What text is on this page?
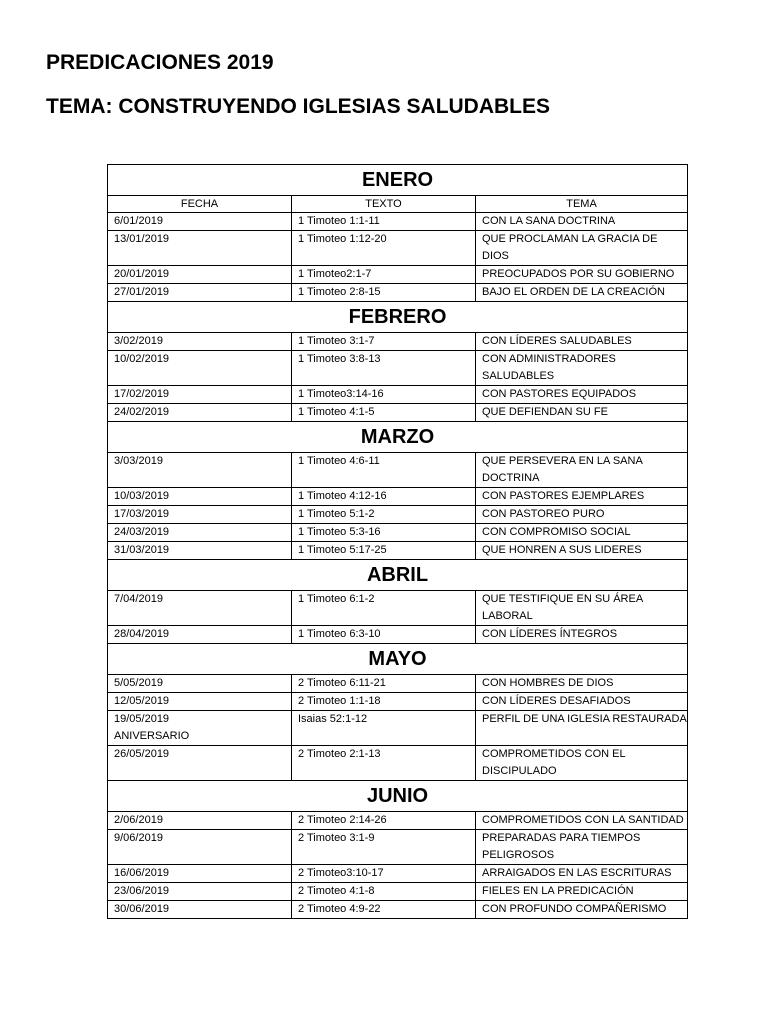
PREDICACIONES 2019
TEMA: CONSTRUYENDO IGLESIAS SALUDABLES
ENERO		
FECHA	TEXTO	TEMA
6/01/2019	1 Timoteo 1:1-11	CON LA SANA DOCTRINA
13/01/2019	1 Timoteo 1:12-20	QUE PROCLAMAN LA GRACIA DE DIOS
20/01/2019	1 Timoteo2:1-7	PREOCUPADOS POR SU GOBIERNO
27/01/2019	1 Timoteo 2:8-15	BAJO EL ORDEN DE LA CREACIÓN
FEBRERO		
3/02/2019	1 Timoteo 3:1-7	CON LÍDERES SALUDABLES
10/02/2019	1 Timoteo 3:8-13	CON ADMINISTRADORES SALUDABLES
17/02/2019	1 Timoteo3:14-16	CON PASTORES EQUIPADOS
24/02/2019	1 Timoteo 4:1-5	QUE DEFIENDAN SU FE
MARZO		
3/03/2019	1 Timoteo 4:6-11	QUE PERSEVERA EN LA SANA DOCTRINA
10/03/2019	1 Timoteo 4:12-16	CON PASTORES EJEMPLARES
17/03/2019	1 Timoteo 5:1-2	CON PASTOREO PURO
24/03/2019	1 Timoteo 5:3-16	CON COMPROMISO SOCIAL
31/03/2019	1 Timoteo 5:17-25	QUE HONREN A SUS LIDERES
ABRIL		
7/04/2019	1 Timoteo 6:1-2	QUE TESTIFIQUE EN SU ÁREA LABORAL
28/04/2019	1 Timoteo 6:3-10	CON LÍDERES ÍNTEGROS
MAYO		
5/05/2019	2 Timoteo 6:11-21	CON HOMBRES DE DIOS
12/05/2019	2 Timoteo 1:1-18	CON LÍDERES DESAFIADOS
19/05/2019
ANIVERSARIO	Isaias 52:1-12	PERFIL DE UNA IGLESIA RESTAURADA
26/05/2019	2 Timoteo 2:1-13	COMPROMETIDOS CON EL DISCIPULADO
JUNIO		
2/06/2019	2 Timoteo 2:14-26	COMPROMETIDOS CON LA SANTIDAD
9/06/2019	2 Timoteo 3:1-9	PREPARADAS PARA TIEMPOS PELIGROSOS
16/06/2019	2 Timoteo3:10-17	ARRAIGADOS EN LAS ESCRITURAS
23/06/2019	2 Timoteo 4:1-8	FIELES EN LA PREDICACIÓN
30/06/2019	2 Timoteo 4:9-22	CON PROFUNDO COMPAÑERISMO
